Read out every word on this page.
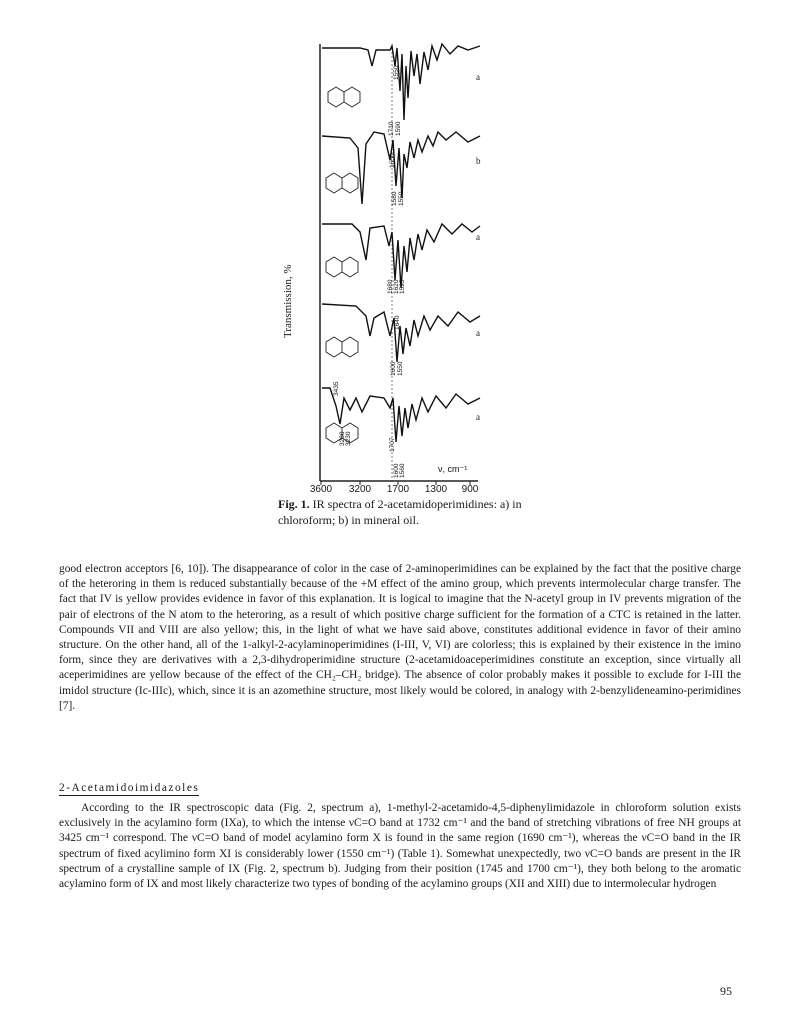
a
b
a
a
a
ν, cm⁻¹
1550
1710 1590
1650
1580 1550
1680 1620 1595
1640
1600 1550
3435
3280 3230	1707
1600 1560
Transmission, %
3600 3200 1700 1300 900
Fig. 1. IR spectra of 2-acetamidoperimidines: a) in chloroform; b) in mineral oil.

good electron acceptors [6, 10]). The disappearance of color in the case of 2-aminoperimidines can be explained by the fact that the positive charge of the heteroring in them is reduced substantially because of the +M effect of the amino group, which prevents intermolecular charge transfer. The fact that IV is yellow provides evidence in favor of this explanation. It is logical to imagine that the N-acetyl group in IV prevents migration of the pair of electrons of the N atom to the heteroring, as a result of which positive charge sufficient for the formation of a CTC is retained in the latter. Compounds VII and VIII are also yellow; this, in the light of what we have said above, constitutes additional evidence in favor of their amino structure. On the other hand, all of the 1-alkyl-2-acylaminoperimidines (I-III, V, VI) are colorless; this is explained by their existence in the imino form, since they are derivatives with a 2,3-dihydroperimidine structure (2-acetamidoaceperimidines constitute an exception, since virtually all aceperimidines are yellow because of the effect of the CH₂–CH₂ bridge). The absence of color probably makes it possible to exclude for I-III the imidol structure (Ic-IIIc), which, since it is an azomethine structure, most likely would be colored, in analogy with 2-benzylideneamino-perimidines [7].

2-Acetamidoimidazoles

According to the IR spectroscopic data (Fig. 2, spectrum a), 1-methyl-2-acetamido-4,5-diphenylimidazole in chloroform solution exists exclusively in the acylamino form (IXa), to which the intense νC=O band at 1732 cm⁻¹ and the band of stretching vibrations of free NH groups at 3425 cm⁻¹ correspond. The νC=O band of model acylamino form X is found in the same region (1690 cm⁻¹), whereas the νC=O band in the IR spectrum of fixed acylimino form XI is considerably lower (1550 cm⁻¹) (Table 1). Somewhat unexpectedly, two νC=O bands are present in the IR spectrum of a crystalline sample of IX (Fig. 2, spectrum b). Judging from their position (1745 and 1700 cm⁻¹), they both belong to the aromatic acylamino form of IX and most likely characterize two types of bonding of the acylamino groups (XII and XIII) due to intermolecular hydrogen

95
